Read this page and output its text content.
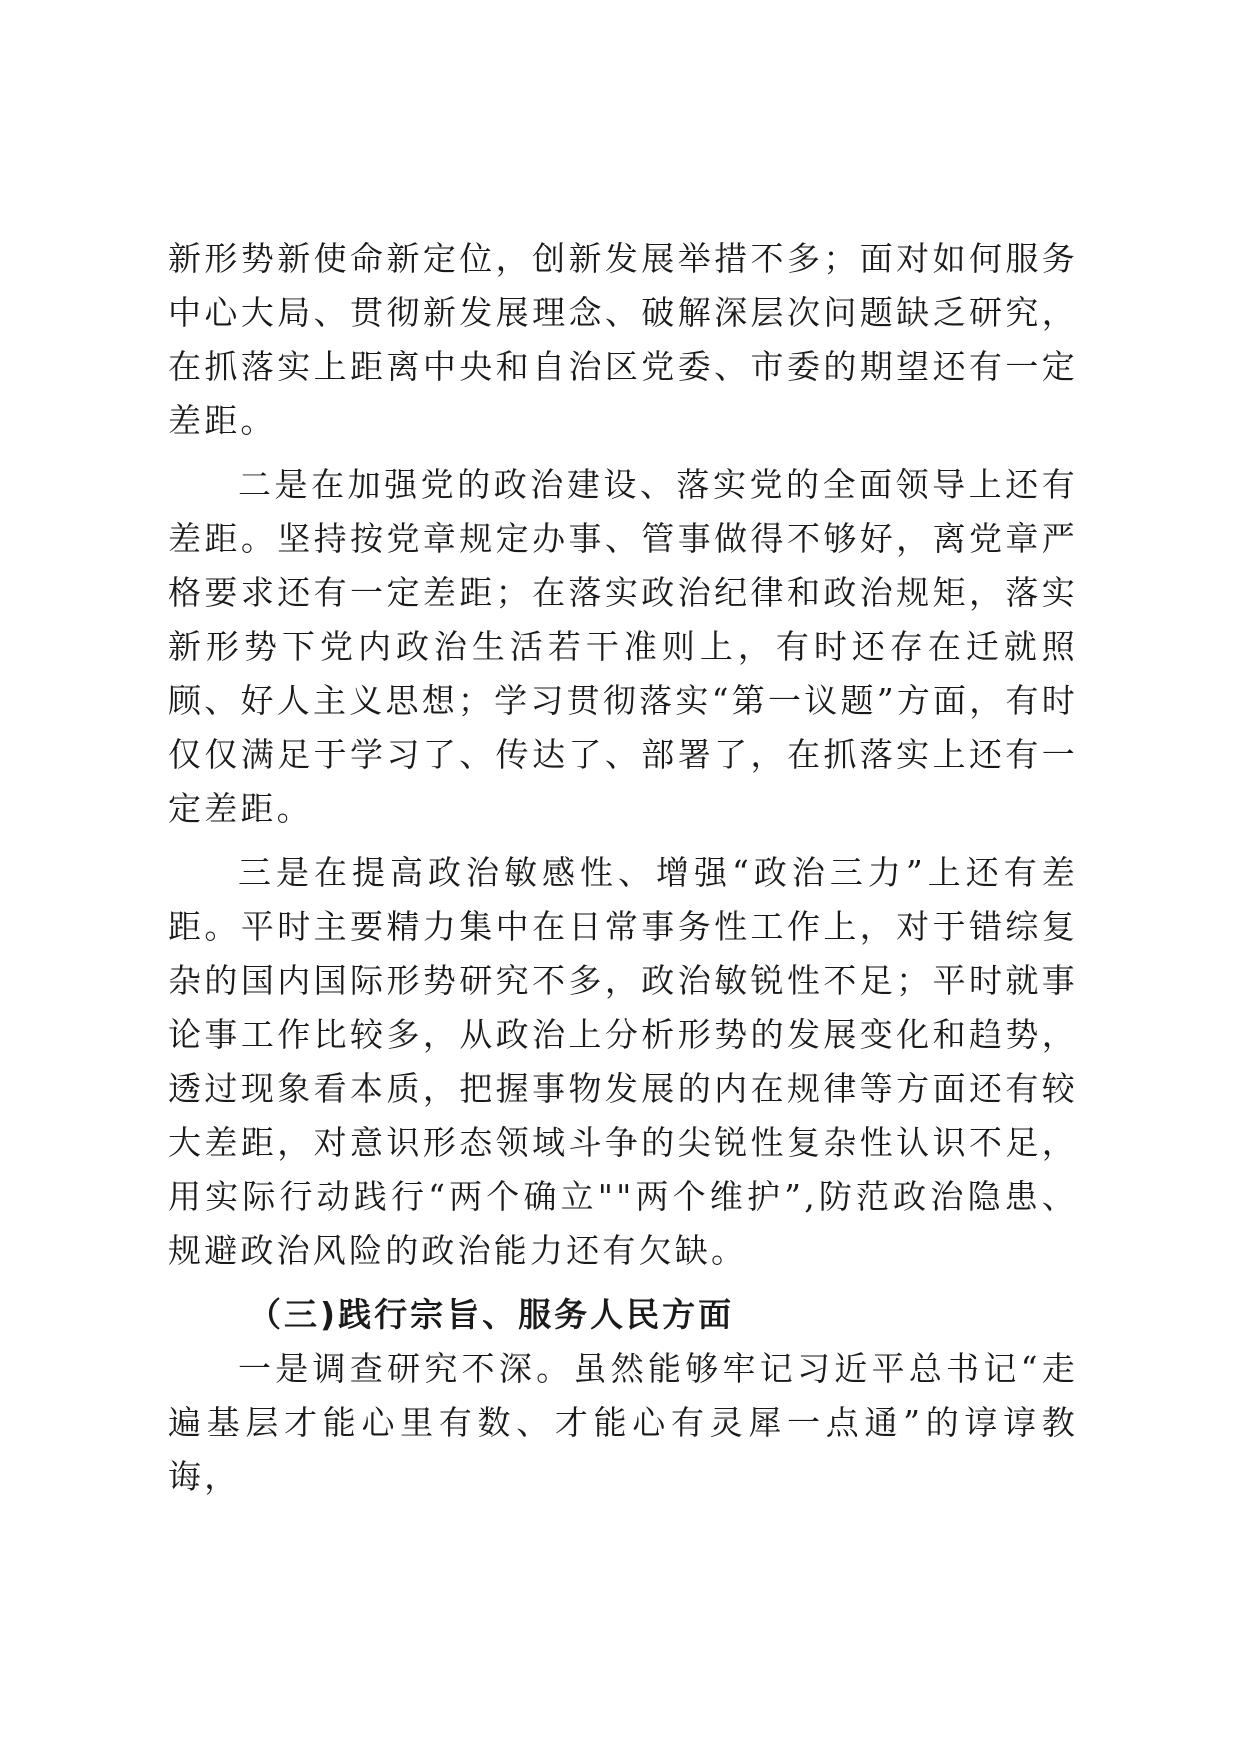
新形势新使命新定位，创新发展举措不多；面对如何服务中心大局、贯彻新发展理念、破解深层次问题缺乏研究，在抓落实上距离中央和自治区党委、市委的期望还有一定差距。

二是在加强党的政治建设、落实党的全面领导上还有差距。坚持按党章规定办事、管事做得不够好，离党章严格要求还有一定差距；在落实政治纪律和政治规矩，落实新形势下党内政治生活若干准则上，有时还存在迁就照顾、好人主义思想；学习贯彻落实“第一议题”方面，有时仅仅满足于学习了、传达了、部署了，在抓落实上还有一定差距。

三是在提高政治敏感性、增强“政治三力”上还有差距。平时主要精力集中在日常事务性工作上，对于错综复杂的国内国际形势研究不多，政治敏锐性不足；平时就事论事工作比较多，从政治上分析形势的发展变化和趋势，透过现象看本质，把握事物发展的内在规律等方面还有较大差距，对意识形态领域斗争的尖锐性复杂性认识不足，用实际行动践行“两个确立""两个维护”,防范政治隐患、规避政治风险的政治能力还有欠缺。

（三)践行宗旨、服务人民方面

一是调查研究不深。虽然能够牢记习近平总书记“走遍基层才能心里有数、才能心有灵犀一点通”的谆谆教诲，
